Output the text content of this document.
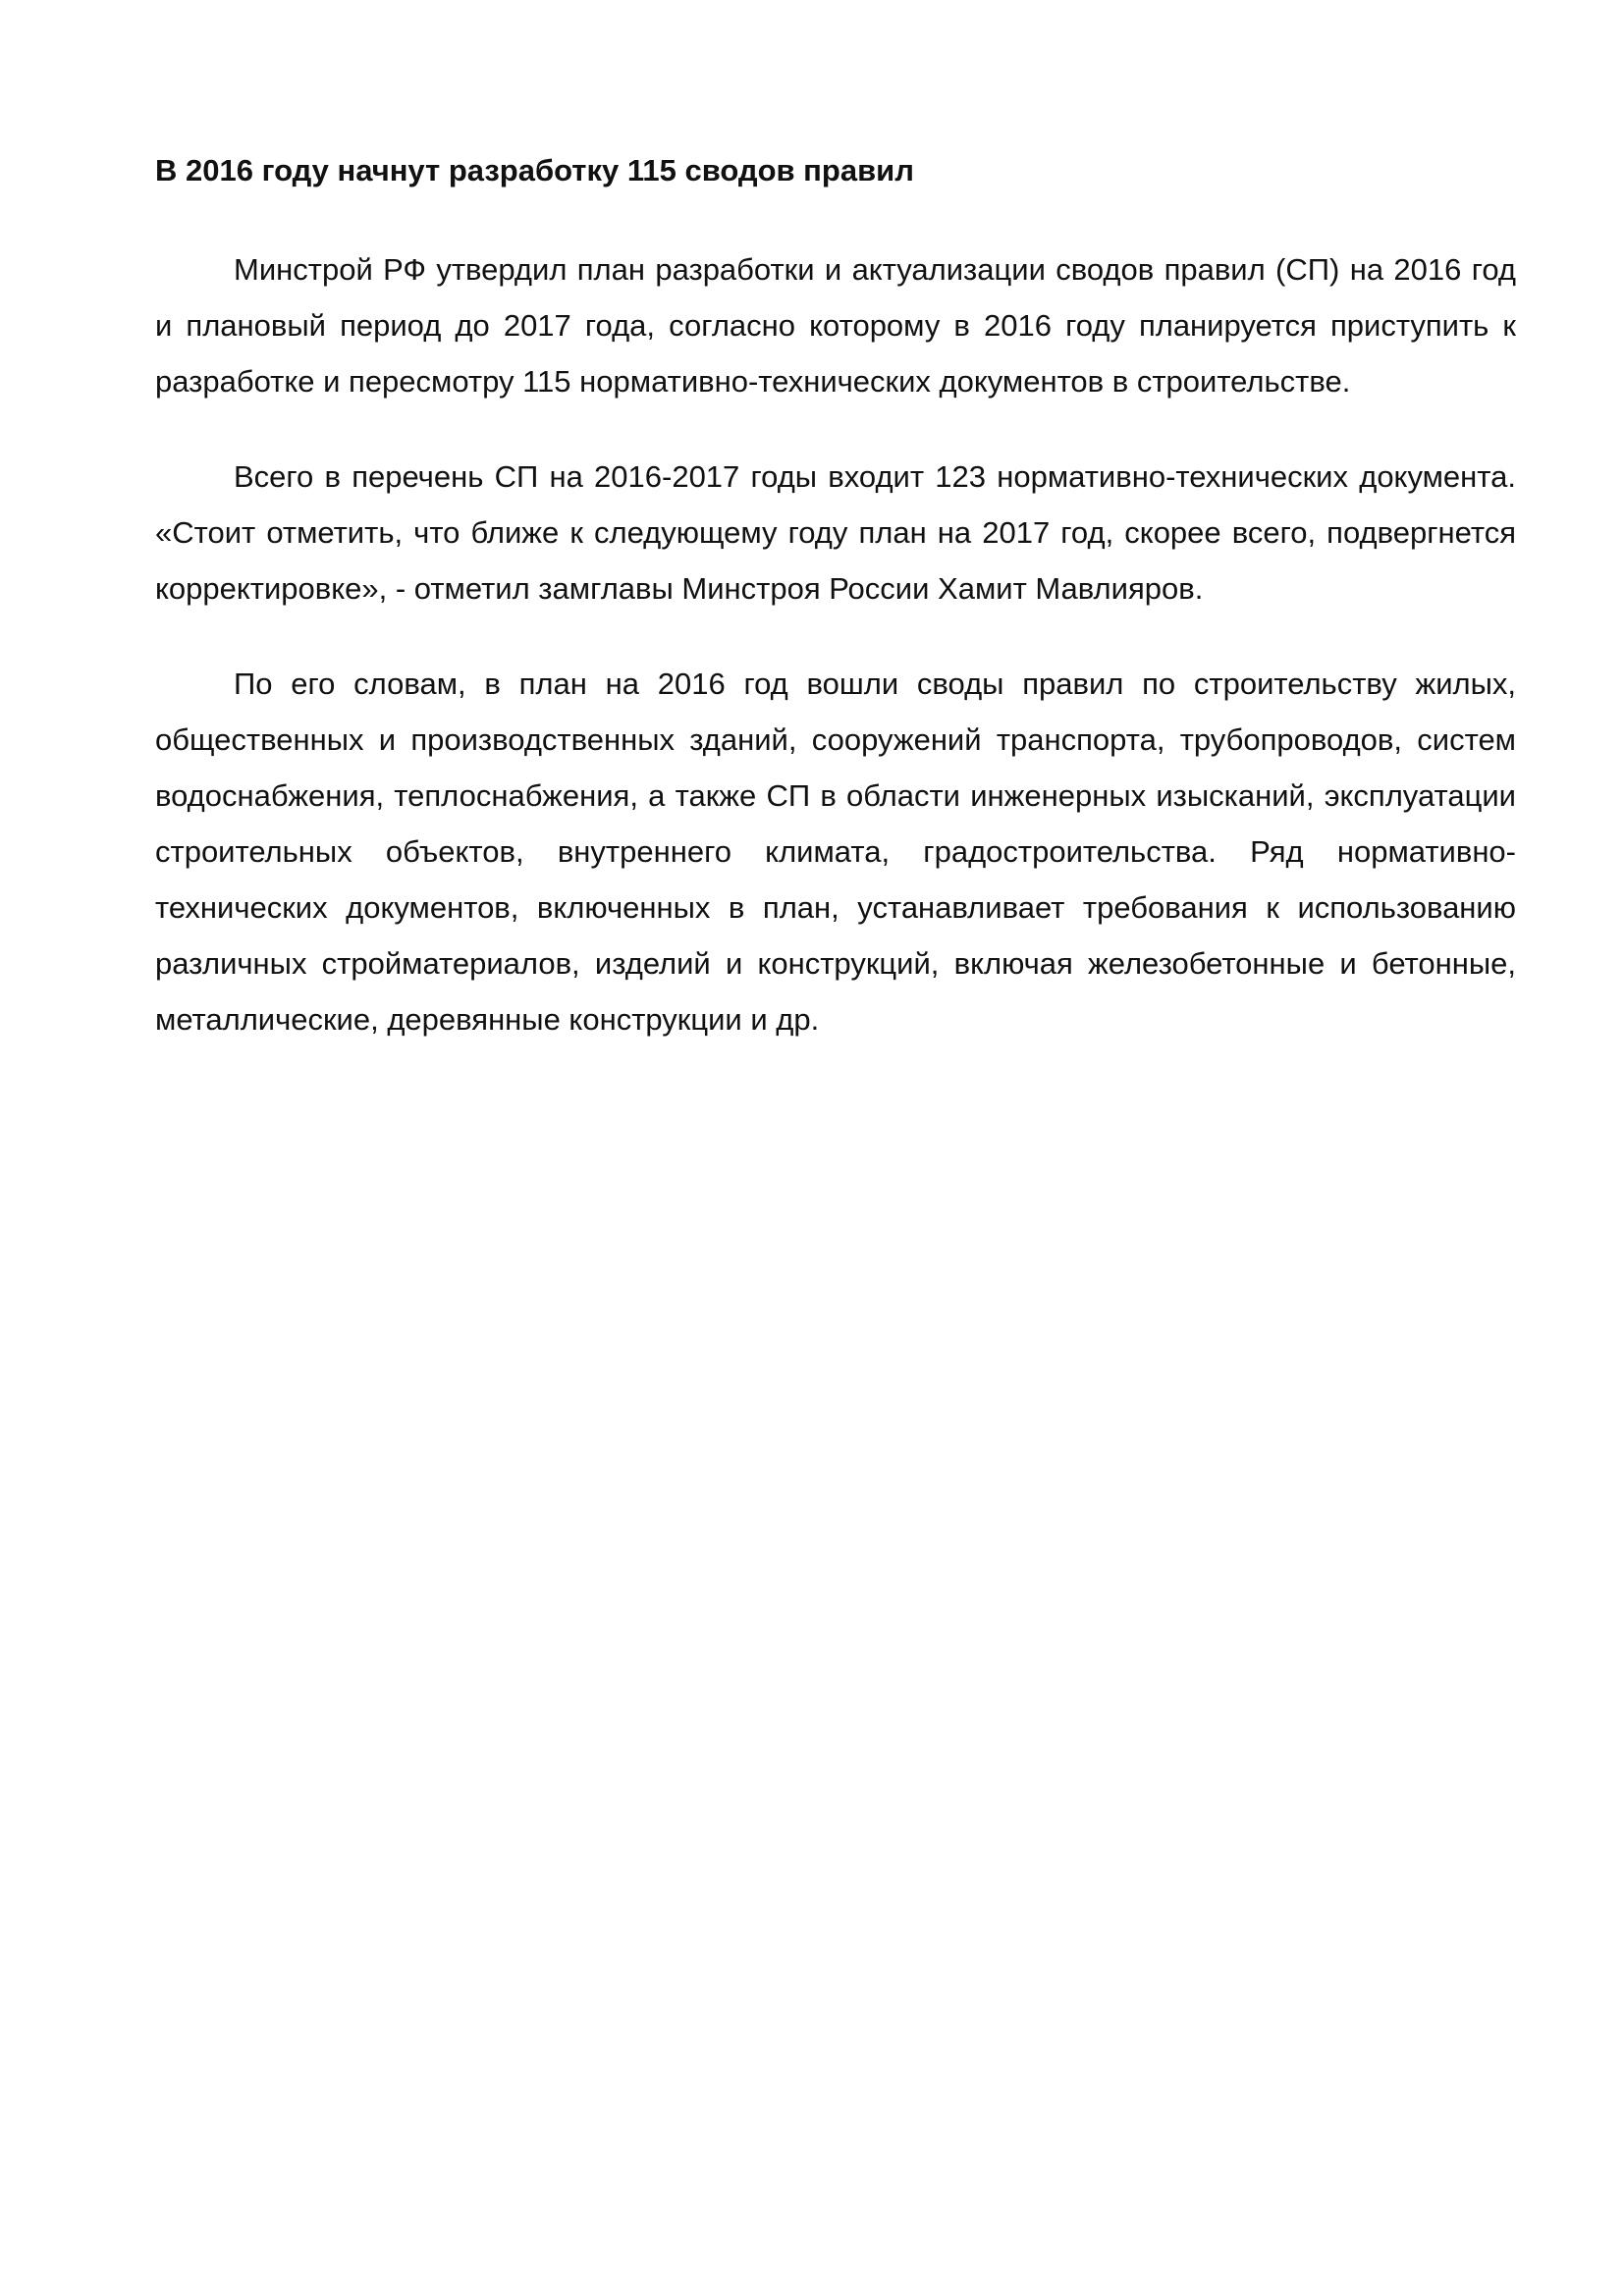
В 2016 году начнут разработку 115 сводов правил

Минстрой РФ утвердил план разработки и актуализации сводов правил (СП) на 2016 год и плановый период до 2017 года, согласно которому в 2016 году планируется приступить к разработке и пересмотру 115 нормативно-технических документов в строительстве.

Всего в перечень СП на 2016-2017 годы входит 123 нормативно-технических документа. «Стоит отметить, что ближе к следующему году план на 2017 год, скорее всего, подвергнется корректировке», - отметил замглавы Минстроя России Хамит Мавлияров.

По его словам, в план на 2016 год вошли своды правил по строительству жилых, общественных и производственных зданий, сооружений транспорта, трубопроводов, систем водоснабжения, теплоснабжения, а также СП в области инженерных изысканий, эксплуатации строительных объектов, внутреннего климата, градостроительства. Ряд нормативно-технических документов, включенных в план, устанавливает требования к использованию различных стройматериалов, изделий и конструкций, включая железобетонные и бетонные, металлические, деревянные конструкции и др.
